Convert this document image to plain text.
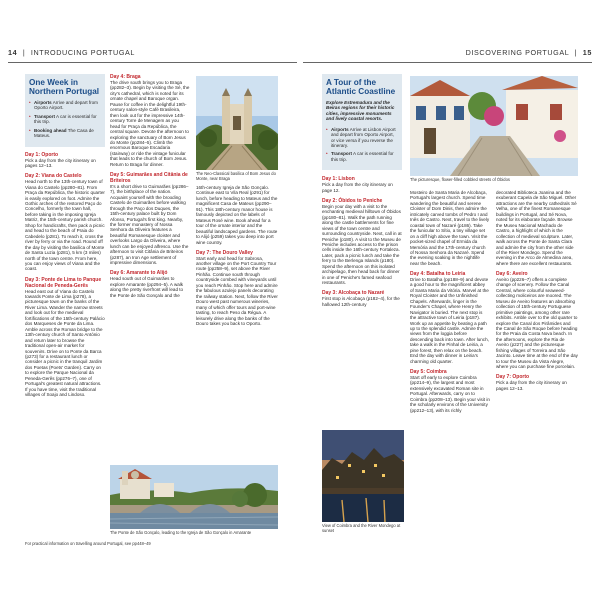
14 | INTRODUCING PORTUGAL
One Week in Northern Portugal
• Airports Arrive and depart from Oporto Airport.
• Transport A car is essential for this trip.
• Booking ahead The Casa de Mateus.

Day 1: Oporto
Pick a day from the city itinerary on pages 12–13.

Day 2: Viana do Castelo
Head north to the 13th-century town of Viana do Castelo (pp280–81). From Praça da República, the historic quarter is easily explored on foot. Admire the Gothic arches of the restored Paço do Concelho, formerly the town hall, before taking in the imposing Igreja Matriz, the 15th-century parish church. Shop for handicrafts, then pack a picnic and head to the beach of Praia do Cabedelo (p281). To reach it, cross the river by ferry or via the road. Round off the day by visiting the basilica of Monte de Santa Luzia (p281), 5 km (3 miles) north of the town centre. From here, you can enjoy views of Viana and the coast.

Day 3: Ponte de Lima to Panque Nacional de Peneda-Gerês
Head east out of Viana do Castelo towards Ponte de Lima (p278), a picturesque town on the banks of the River Lima. Wander the narrow streets and look out for the medieval fortifications of the 15th-century Palácio dos Marqueses de Ponte da Lima. Amble across the Roman bridge to the 13th-century church of Santo António and return later to browse the traditional open-air market for souvenirs. Drive on to Ponte da Barca (p273) for a restaurant lunch or consider a picnic in the tranquil Jardim dos Poetas (Poets' Garden). Carry on to explore the Parque Nacional da Peneda-Gerês (pp276–7), one of Portugal's greatest natural attractions. If you have time, visit the traditional villages of Soajo and Lindoso.

Day 4: Braga
The drive south brings you to Braga (pp282–3). Begin by visiting the Sé, the city's cathedral, which is noted for its ornate chapel and Baroque organ. Pause for coffee in the delightful 19th-century salon-style Café Brasileira, then look out for the impressive 14th-century Torre de Menagem as you head for Praça da República, the central square. Devote the afternoon to exploring the sanctuary of Bom Jesus do Monte (pp284–5). Climb the enormous Baroque Escadaria (stairway) or ride the vintage funicular that leads to the church of Bom Jesus. Return to Braga for dinner.

Day 5: Guimarães and Citânia de Briteiros
It's a short drive to Guimarães (pp286–7), the birthplace of the nation. Acquaint yourself with the brooding Castelo de Guimarães before walking through the Paço dos Duques, the 15th-century palace built by Dom Afonso, Portugal's first king. Nearby, the former monastery of Nossa Senhora da Oliveira features a beautiful Romanesque cloister and overlooks Largo da Oliveira, where lunch can be enjoyed alfresco. Use the afternoon to visit Citânia de Briteiros (p287), an Iron Age settlement of impressive dimensions.

Day 6: Amarante to Alijó
Head south out of Guimarães to explore Amarante (pp294–5). A walk along the pretty riverfront will lead to the Ponte de São Gonçalo and the

The Neo-Classical basilica of Bom Jesus do Monte, near Braga

16th-century Igreja de São Gonçalo. Continue east to Vila Real (p291) for lunch, before heading to Mateus and the magnificent Casa de Mateus (pp290–91). This 18th-century manor house is famously depicted on the labels of Mateus Rosé wine. Book ahead for a tour of the ornate interior and the beautiful landscaped gardens. The route to Alijó (p259) takes you deep into port wine country.

Day 7: The Douro Valley
Start early and head for Sabrosa, another village on the Port Country Tour route (pp258–9), set above the River Pinhão. Continue south through countryside combed with vineyards until you reach Pinhão. Stop here and admire the fabulous azulejo panels decorating the railway station. Next, follow the River Douro west past numerous wineries, many of which offer tours and port-wine tasting, to reach Peso da Régua. A leisurely drive along the banks of the Douro takes you back to Oporto.

The Ponte de São Gonçalo, leading to the Igreja de São Gonçalo in Amarante
For practical information on travelling around Portugal, see pp448–49
DISCOVERING PORTUGAL | 15
A Tour of the Atlantic Coastline
Explore Estremadura and the Beiras regions for their historic cities, impressive monuments and lively coastal resorts.
• Airports Arrive at Lisbon Airport and depart from Oporto Airport, or vice versa if you reverse the itinerary.
• Transport A car is essential for this trip.

Day 1: Lisbon
Pick a day from the city itinerary on page 12.

Day 2: Óbidos to Peniche
Begin your day with a visit to the enchanting medieval hilltown of Óbidos (pp180–81). Walk the path running along the castle battlements for fine views of the town centre and surrounding countryside. Next, call in at Peniche (p180). A visit to the Museu de Peniche includes access to the prison cells inside the 16th-century Fortaleza. Later, pack a picnic lunch and take the ferry to the Berlenga Islands (p180). Spend the afternoon on this isolated archipelago, then head back for dinner in one of Peniche's famed seafood restaurants.

Day 3: Alcobaça to Nazaré
First stop is Alcobaça (p182–4), for the hallowed 12th-century

The picturesque, flower-filled cobbled streets of Óbidos

Mosteiro de Santa Maria de Alcobaça, Portugal's largest church. Spend time wandering the beautiful and serene Cloister of Dom Dinis, then admire the intricately carved tombs of Pedro I and Inês de Castro. Next, travel to the lively coastal town of Nazaré (p186). Take the funicular to Sítio, a tiny village set on a cliff high above the town. Visit the pocket-sized chapel of Ermida da Memória and the 17th-century church of Nossa Senhora da Nazaré. Spend the evening soaking in the nightlife near the beach.

Day 4: Batalha to Leiria
Drive to Batalha (pp188–9) and devote a good hour to the magnificent abbey of Santa Maria da Vitória. Marvel at the Royal Cloister and the Unfinished Chapels. Afterwards, linger in the Founder's Chapel, where Henry the Navigator is buried. The next stop is the attractive town of Leiria (p187). Work up an appetite by beating a path up to the splendid castle. Admire the views from the loggia before descending back into town. After lunch, take a walk in the Pinhal de Leiria, a pine forest, then relax on the beach. End the day with dinner in Leiria's charming old quarter.

Day 5: Coimbra
Start off early to explore Coimbra (pp214–9), the largest and most extensively excavated Roman site in Portugal. Afterwards, carry on to Coimbra (pp208–13). Begin your visit in the scholarly environs of the University (pp212–13), with its richly

View of Coimbra and the River Mondego at sunset

decorated Biblioteca Joanina and the exuberant Capela de São Miguel. Other attractions are the nearby cathedrals Sé Velha, one of the finest Romanesque buildings in Portugal, and Sé Nova, noted for its elaborate façade. Browse the Museu Nacional Machado de Castro, a highlight of which is the collection of medieval sculpture. Later, walk across the Ponte de Santa Clara and admire the city from the other side of the River Mondego. Spend the evening in the Arco de Almedina area, where there are excellent restaurants.

Day 6: Aveiro
Aveiro (pp226–7) offers a complete change of scenery. Follow the Canal Central, where colourful seaweed-collecting moliceiros are moored. The Museu de Aveiro features an absorbing collection of 15th-century Portuguese primitive paintings, among other rare exhibits. Amble over to the old quarter to explore the Canal dos Pirâmides and the Canal de São Roque before heading for the Praia da Costa Nova beach. In the afternoons, explore the Ria de Aveiro (p227) and the picturesque fishing villages of Torreira and São Jacinto. Leave time at the end of the day to tour the Museu da Vista Alegre, where you can purchase fine porcelain.

Day 7: Oporto
Pick a day from the city itinerary on pages 12–13.
